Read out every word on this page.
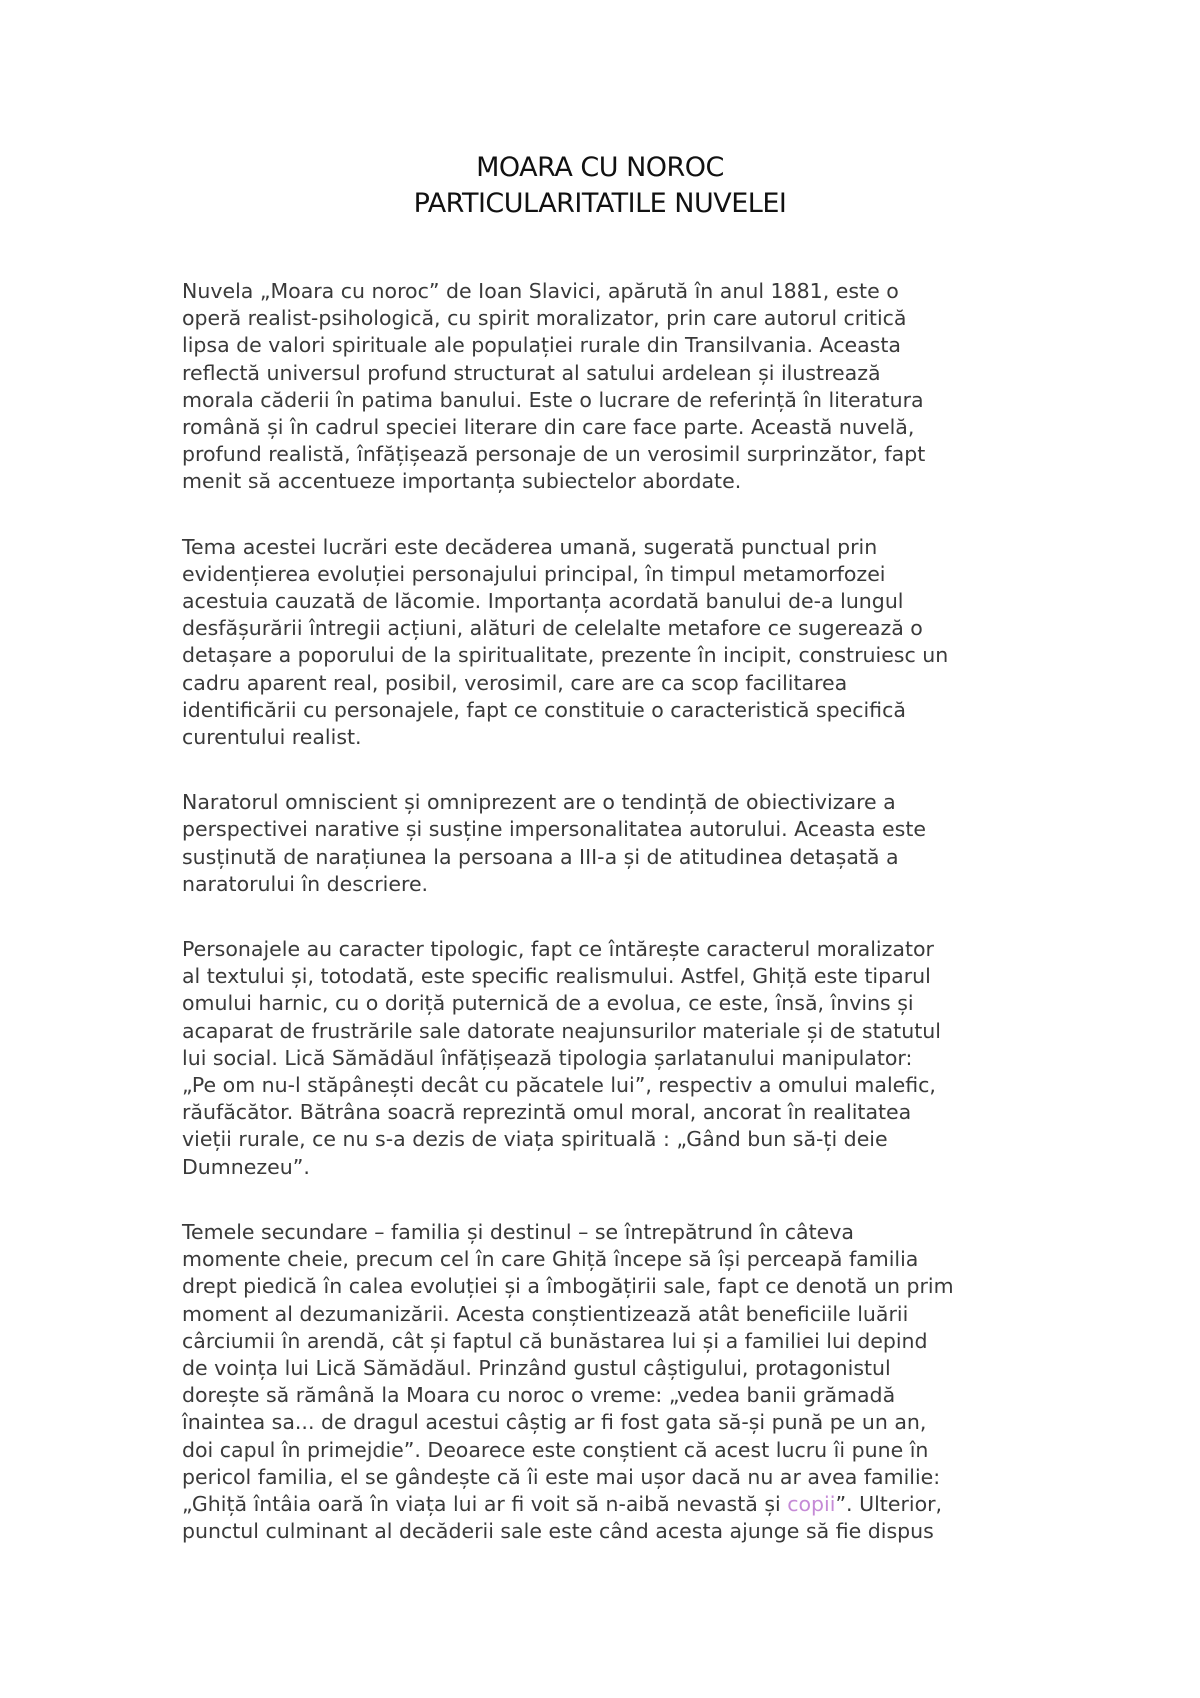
MOARA CU NOROC
PARTICULARITATILE NUVELEI
Nuvela „Moara cu noroc” de Ioan Slavici, apărută în anul 1881, este o
operă realist-psihologică, cu spirit moralizator, prin care autorul critică
lipsa de valori spirituale ale populației rurale din Transilvania. Aceasta
reflectă universul profund structurat al satului ardelean și ilustrează
morala căderii în patima banului. Este o lucrare de referință în literatura
română și în cadrul speciei literare din care face parte. Această nuvelă,
profund realistă, înfățișează personaje de un verosimil surprinzător, fapt
menit să accentueze importanța subiectelor abordate.
Tema acestei lucrări este decăderea umană, sugerată punctual prin
evidențierea evoluției personajului principal, în timpul metamorfozei
acestuia cauzată de lăcomie. Importanța acordată banului de-a lungul
desfășurării întregii acțiuni, alături de celelalte metafore ce sugerează o
detașare a poporului de la spiritualitate, prezente în incipit, construiesc un
cadru aparent real, posibil, verosimil, care are ca scop facilitarea
identificării cu personajele, fapt ce constituie o caracteristică specifică
curentului realist.
Naratorul omniscient și omniprezent are o tendință de obiectivizare a
perspectivei narative și susține impersonalitatea autorului. Aceasta este
susținută de narațiunea la persoana a III-a și de atitudinea detașată a
naratorului în descriere.
Personajele au caracter tipologic, fapt ce întărește caracterul moralizator
al textului și, totodată, este specific realismului. Astfel, Ghiță este tiparul
omului harnic, cu o doriță puternică de a evolua, ce este, însă, învins și
acaparat de frustrările sale datorate neajunsurilor materiale și de statutul
lui social. Lică Sămădăul înfățișează tipologia șarlatanului manipulator:
„Pe om nu-l stăpânești decât cu păcatele lui”, respectiv a omului malefic,
răufăcător. Bătrâna soacră reprezintă omul moral, ancorat în realitatea
vieții rurale, ce nu s-a dezis de viața spirituală : „Gând bun să-ți deie
Dumnezeu”.
Temele secundare – familia și destinul – se întrepătrund în câteva
momente cheie, precum cel în care Ghiță începe să își perceapă familia
drept piedică în calea evoluției și a îmbogățirii sale, fapt ce denotă un prim
moment al dezumanizării. Acesta conștientizează atât beneficiile luării
cârciumii în arendă, cât și faptul că bunăstarea lui și a familiei lui depind
de voința lui Lică Sămădăul. Prinzând gustul câștigului, protagonistul
dorește să rămână la Moara cu noroc o vreme: „vedea banii grămadă
înaintea sa... de dragul acestui câștig ar fi fost gata să-și pună pe un an,
doi capul în primejdie”. Deoarece este conștient că acest lucru îi pune în
pericol familia, el se gândește că îi este mai ușor dacă nu ar avea familie:
„Ghiță întâia oară în viața lui ar fi voit să n-aibă nevastă și copii”. Ulterior,
punctul culminant al decăderii sale este când acesta ajunge să fie dispus
